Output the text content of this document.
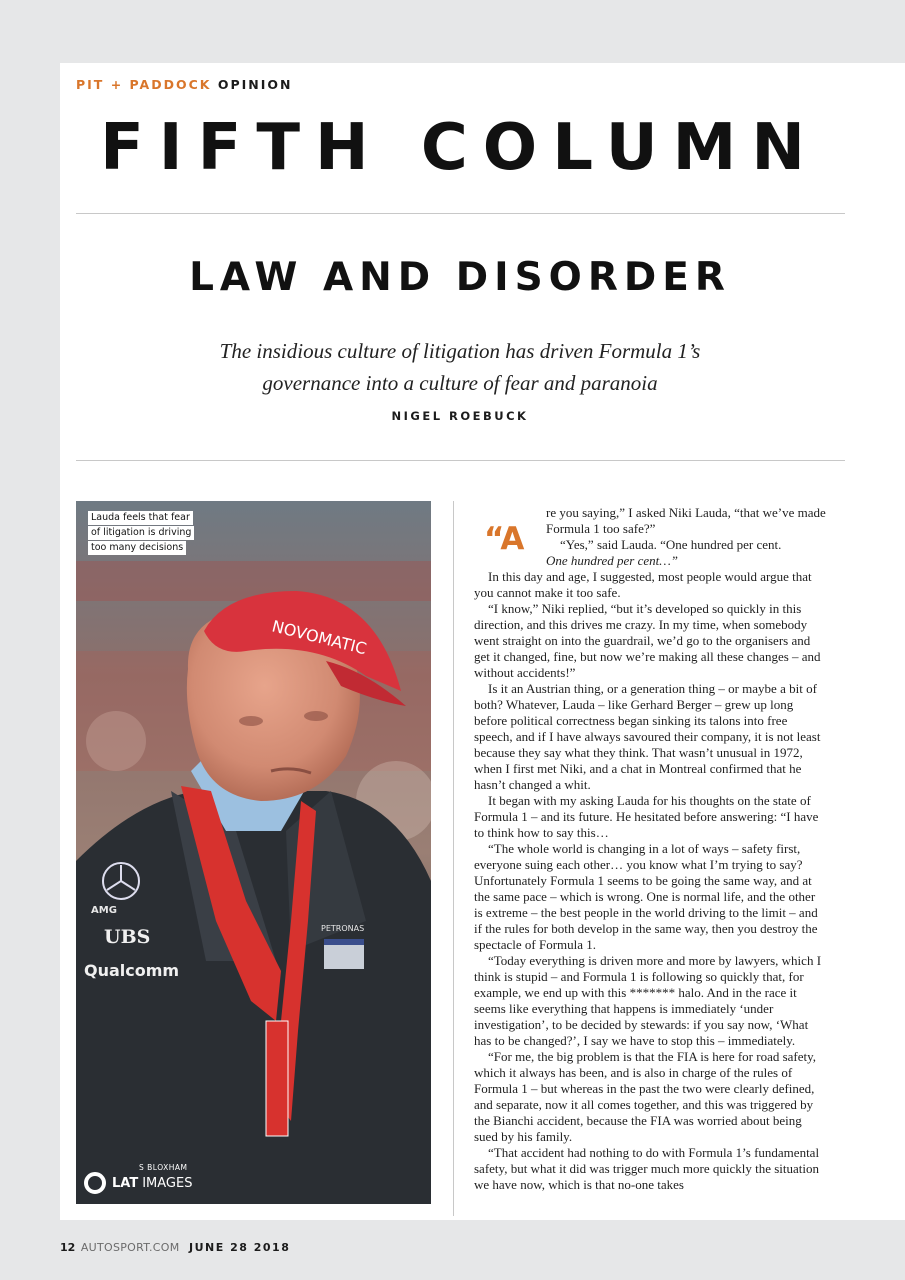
PIT + PADDOCK OPINION
FIFTH COLUMN
LAW AND DISORDER
The insidious culture of litigation has driven Formula 1’s
governance into a culture of fear and paranoia
NIGEL ROEBUCK
NOVOMATIC
AMG
UBS
Qualcomm
PETRONAS
Lauda feels that fear
of litigation is driving
too many decisions
S BLOXHAM
LAT IMAGES
“A

re you saying,” I asked Niki Lauda, “that we’ve made Formula 1 too safe?”

“Yes,” said Lauda. “One hundred per cent.

One hundred per cent…”

In this day and age, I suggested, most people would argue that you cannot make it too safe.

“I know,” Niki replied, “but it’s developed so quickly in this direction, and this drives me crazy. In my time, when somebody went straight on into the guardrail, we’d go to the organisers and get it changed, fine, but now we’re making all these changes – and without accidents!”

Is it an Austrian thing, or a generation thing – or maybe a bit of both? Whatever, Lauda – like Gerhard Berger – grew up long before political correctness began sinking its talons into free speech, and if I have always savoured their company, it is not least because they say what they think. That wasn’t unusual in 1972, when I first met Niki, and a chat in Montreal confirmed that he hasn’t changed a whit.

It began with my asking Lauda for his thoughts on the state of Formula 1 – and its future. He hesitated before answering: “I have to think how to say this…

“The whole world is changing in a lot of ways – safety first, everyone suing each other… you know what I’m trying to say? Unfortunately Formula 1 seems to be going the same way, and at the same pace – which is wrong. One is normal life, and the other is extreme – the best people in the world driving to the limit – and if the rules for both develop in the same way, then you destroy the spectacle of Formula 1.

“Today everything is driven more and more by lawyers, which I think is stupid – and Formula 1 is following so quickly that, for example, we end up with this ******* halo. And in the race it seems like everything that happens is immediately ‘under investigation’, to be decided by stewards: if you say now, ‘What has to be changed?’, I say we have to stop this – immediately.

“For me, the big problem is that the FIA is here for road safety, which it always has been, and is also in charge of the rules of Formula 1 – but whereas in the past the two were clearly defined, and separate, now it all comes together, and this was triggered by the Bianchi accident, because the FIA was worried about being sued by his family.

“That accident had nothing to do with Formula 1’s fundamental safety, but what it did was trigger much more quickly the situation we have now, which is that no-one takes

12 AUTOSPORT.COM JUNE 28 2018
